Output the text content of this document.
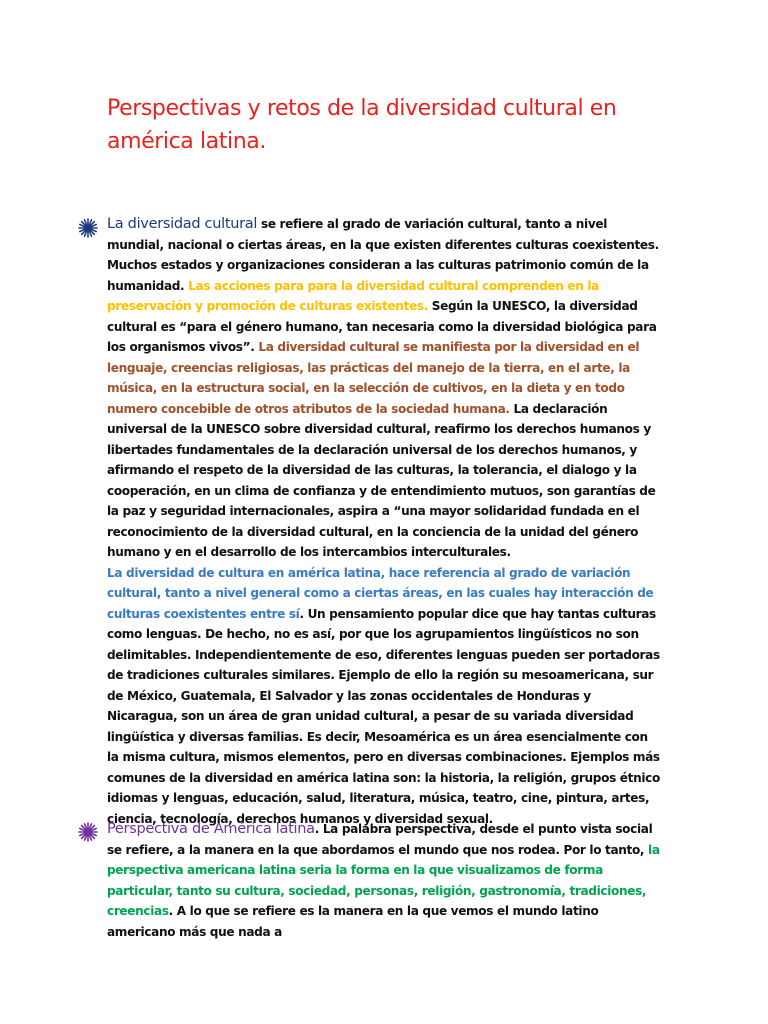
Perspectivas y retos de la diversidad cultural en américa latina.

La diversidad cultural se refiere al grado de variación cultural, tanto a nivel mundial, nacional o ciertas áreas, en la que existen diferentes culturas coexistentes. Muchos estados y organizaciones consideran a las culturas patrimonio común de la humanidad. Las acciones para para la diversidad cultural comprenden en la preservación y promoción de culturas existentes. Según la UNESCO, la diversidad cultural es “para el género humano, tan necesaria como la diversidad biológica para los organismos vivos”. La diversidad cultural se manifiesta por la diversidad en el lenguaje, creencias religiosas, las prácticas del manejo de la tierra, en el arte, la música, en la estructura social, en la selección de cultivos, en la dieta y en todo numero concebible de otros atributos de la sociedad humana. La declaración universal de la UNESCO sobre diversidad cultural, reafirmo los derechos humanos y libertades fundamentales de la declaración universal de los derechos humanos, y afirmando el respeto de la diversidad de las culturas, la tolerancia, el dialogo y la cooperación, en un clima de confianza y de entendimiento mutuos, son garantías de la paz y seguridad internacionales, aspira a “una mayor solidaridad fundada en el reconocimiento de la diversidad cultural, en la conciencia de la unidad del género humano y en el desarrollo de los intercambios interculturales.
La diversidad de cultura en américa latina, hace referencia al grado de variación cultural, tanto a nivel general como a ciertas áreas, en las cuales hay interacción de culturas coexistentes entre sí. Un pensamiento popular dice que hay tantas culturas como lenguas. De hecho, no es así, por que los agrupamientos lingüísticos no son delimitables. Independientemente de eso, diferentes lenguas pueden ser portadoras de tradiciones culturales similares. Ejemplo de ello la región su mesoamericana, sur de México, Guatemala, El Salvador y las zonas occidentales de Honduras y Nicaragua, son un área de gran unidad cultural, a pesar de su variada diversidad lingüística y diversas familias. Es decir, Mesoamérica es un área esencialmente con la misma cultura, mismos elementos, pero en diversas combinaciones. Ejemplos más comunes de la diversidad en américa latina son: la historia, la religión, grupos étnico idiomas y lenguas, educación, salud, literatura, música, teatro, cine, pintura, artes, ciencia, tecnología, derechos humanos y diversidad sexual.

Perspectiva de América latina. La palabra perspectiva, desde el punto vista social se refiere, a la manera en la que abordamos el mundo que nos rodea. Por lo tanto, la perspectiva americana latina seria la forma en la que visualizamos de forma particular, tanto su cultura, sociedad, personas, religión, gastronomía, tradiciones, creencias. A lo que se refiere es la manera en la que vemos el mundo latino americano más que nada a
